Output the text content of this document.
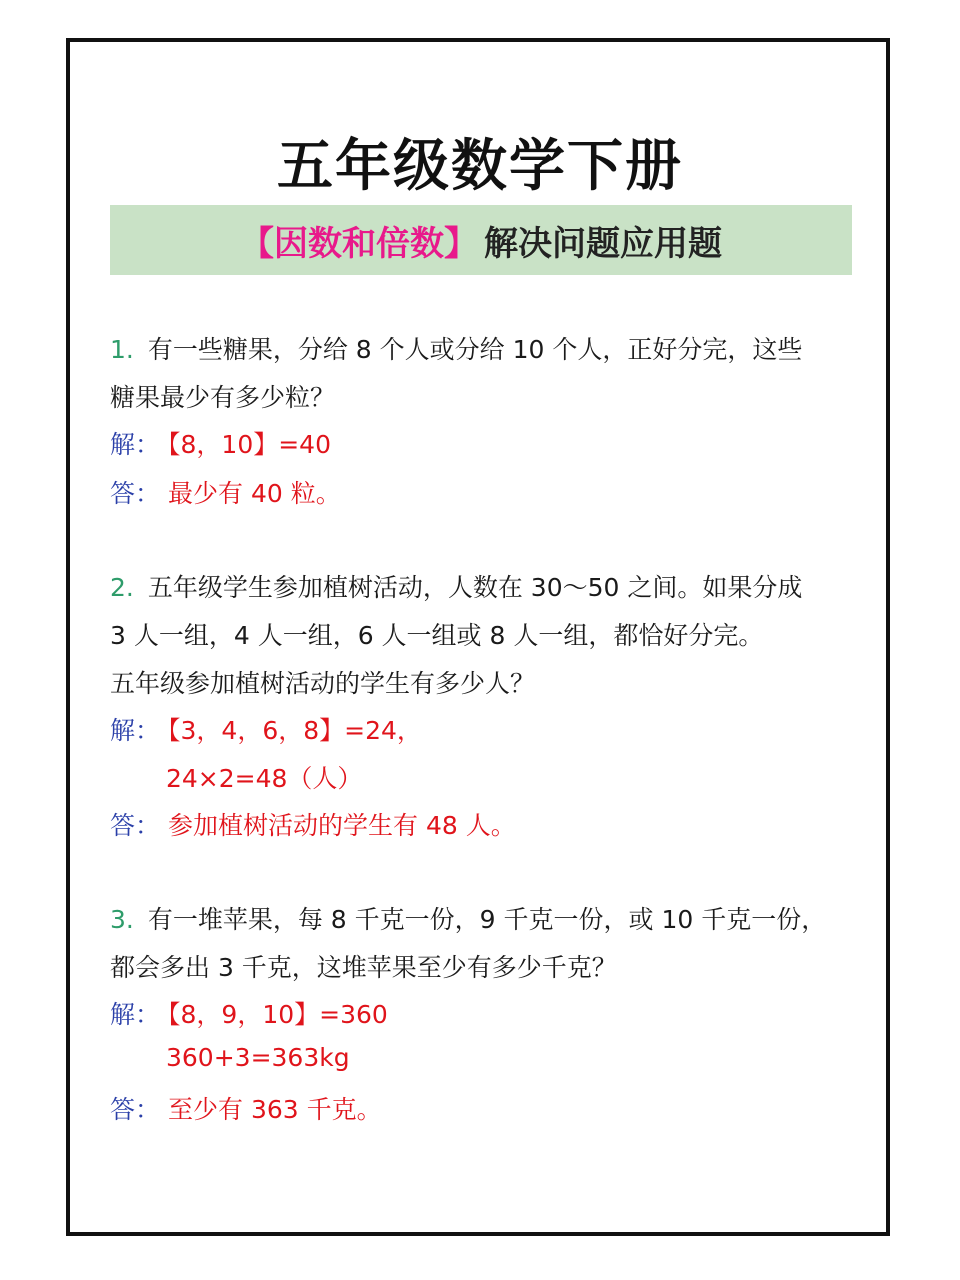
五年级数学下册
【因数和倍数】 解决问题应用题
1. 有一些糖果，分给 8 个人或分给 10 个人，正好分完，这些
糖果最少有多少粒？
解： 【8，10】=40
答： 最少有 40 粒。
2. 五年级学生参加植树活动，人数在 30～50 之间。如果分成
3 人一组，4 人一组，6 人一组或 8 人一组，都恰好分完。
五年级参加植树活动的学生有多少人？
解： 【3，4，6，8】=24，
24×2=48（人）
答： 参加植树活动的学生有 48 人。
3. 有一堆苹果，每 8 千克一份，9 千克一份，或 10 千克一份，
都会多出 3 千克，这堆苹果至少有多少千克？
解： 【8，9，10】=360
360+3=363kg
答： 至少有 363 千克。
